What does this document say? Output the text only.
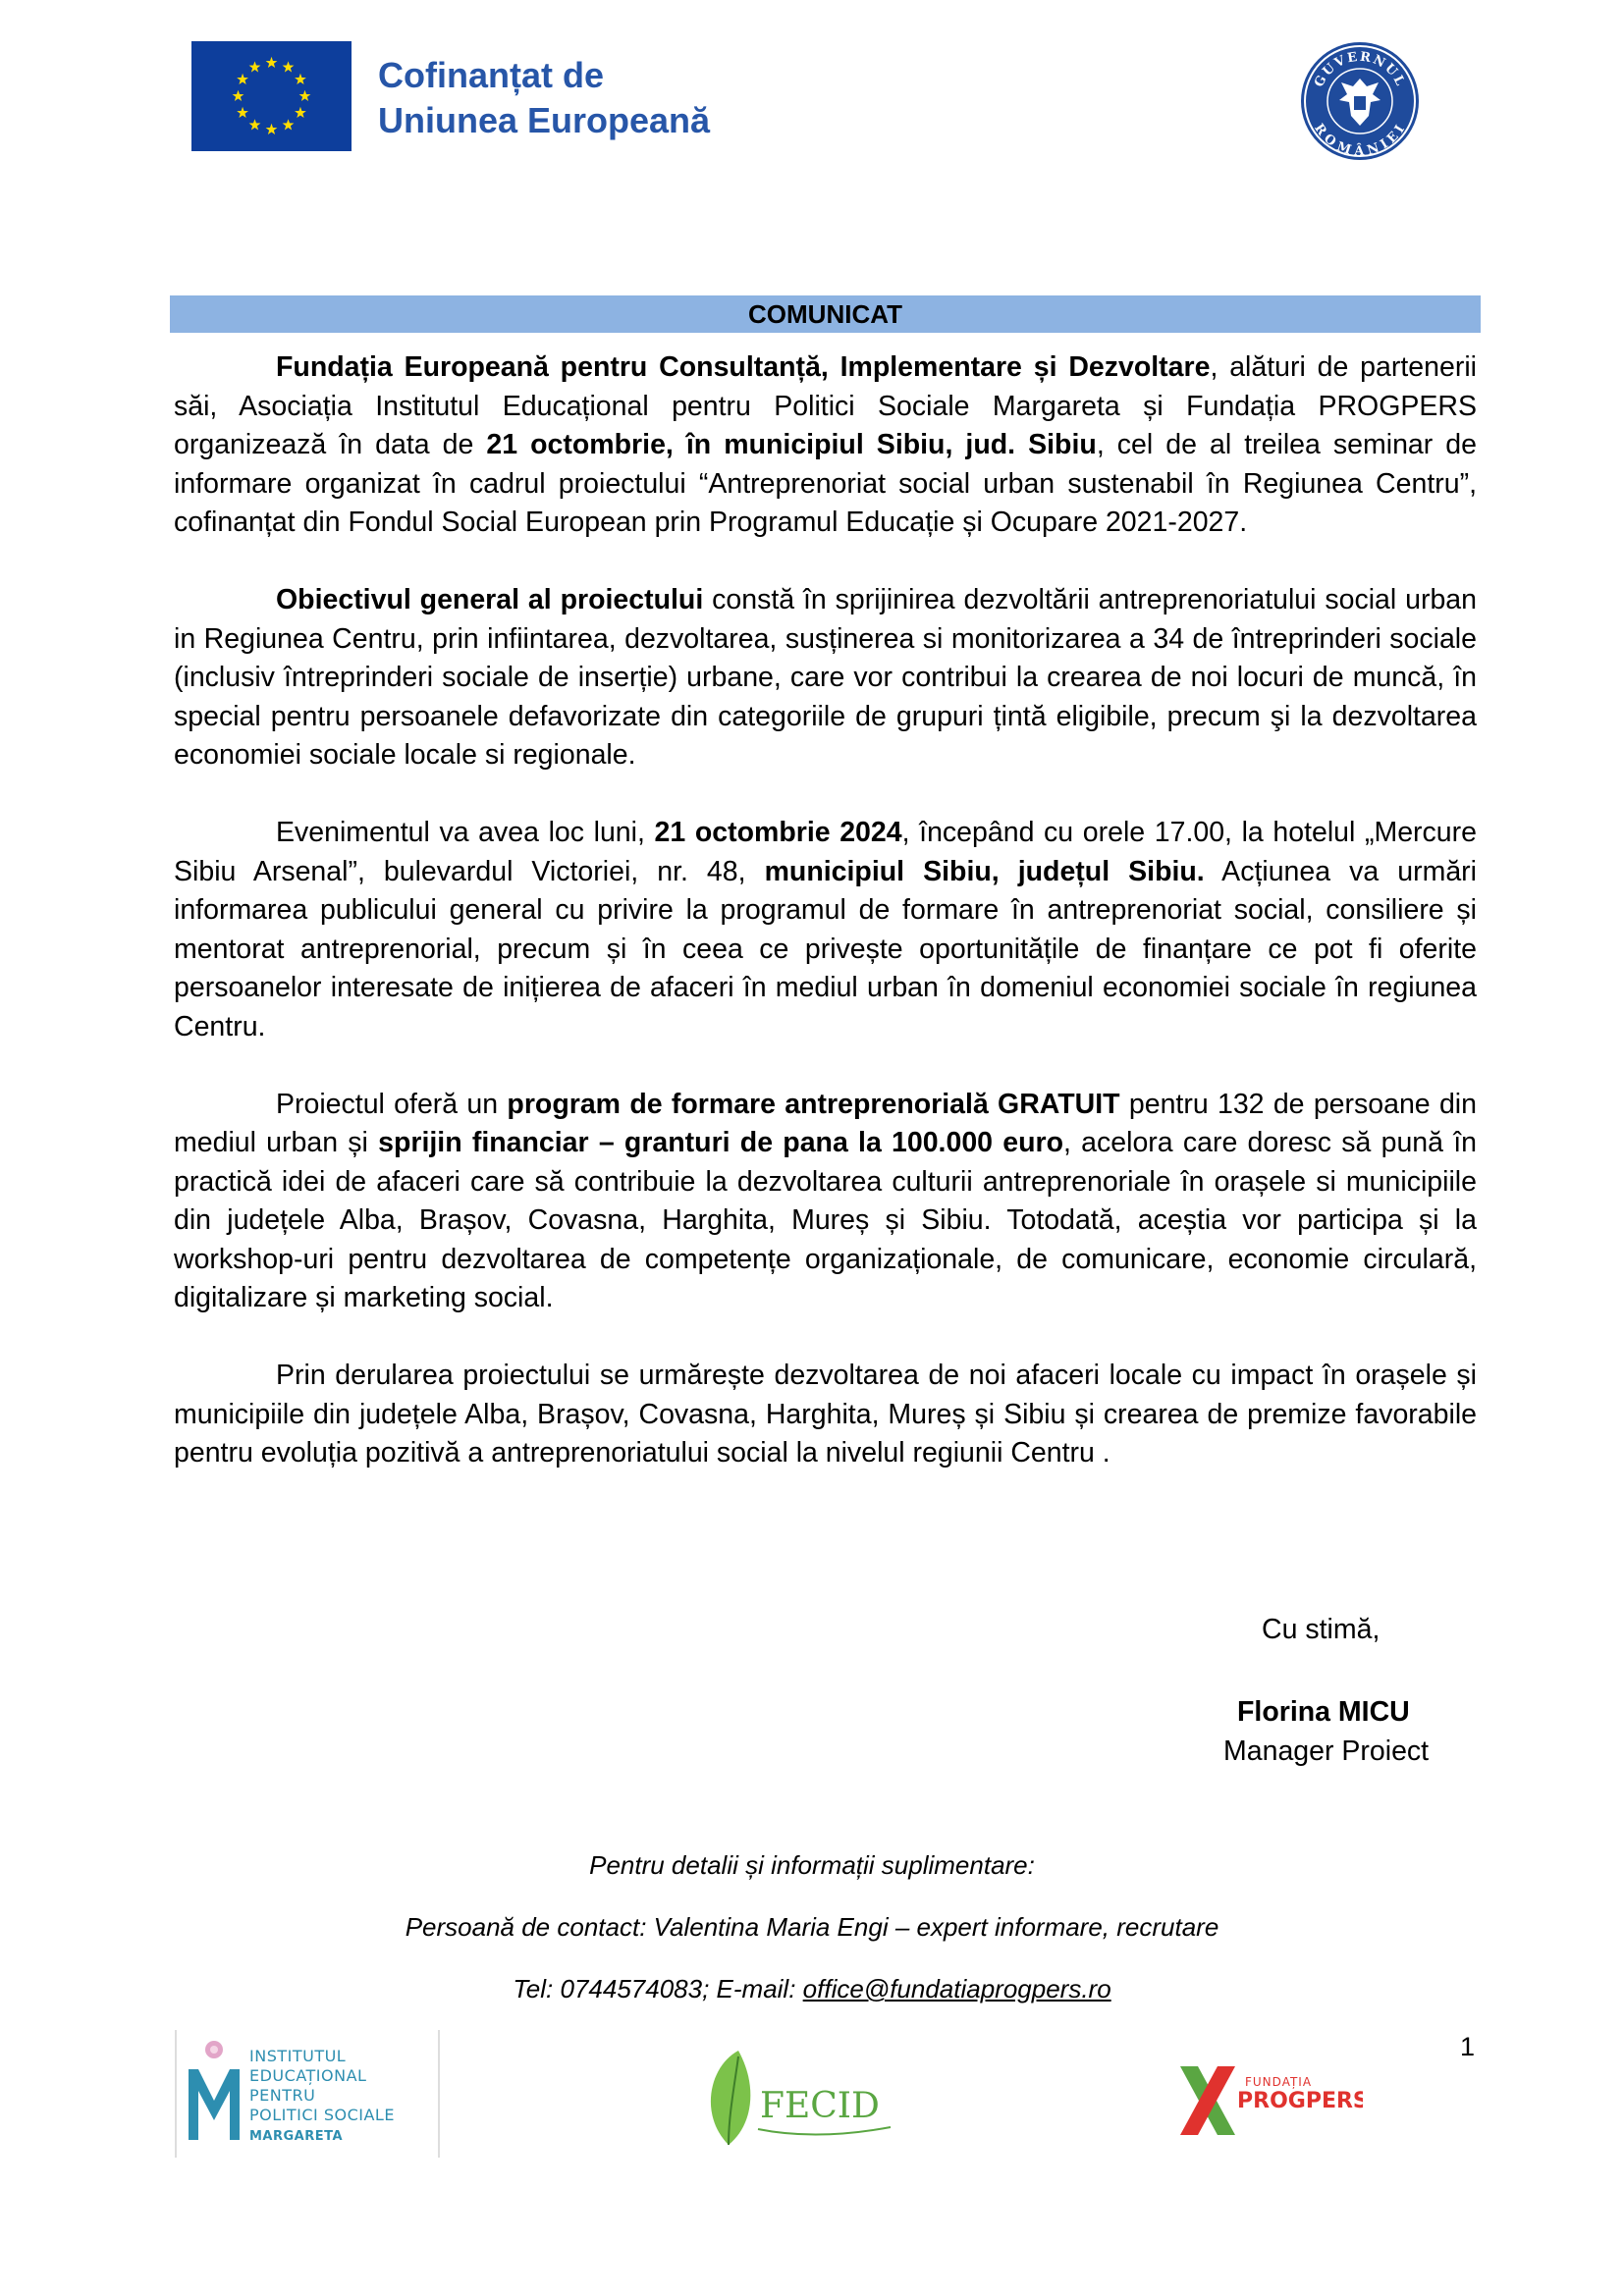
Cofinanțat de
Uniunea Europeană
GUVERNUL
ROMÂNIEI
COMUNICAT

Fundația Europeană pentru Consultanță, Implementare și Dezvoltare, alături de partenerii săi, Asociația Institutul Educațional pentru Politici Sociale Margareta și Fundația PROGPERS organizează în data de 21 octombrie, în municipiul Sibiu, jud. Sibiu, cel de al treilea seminar de informare organizat în cadrul proiectului “Antreprenoriat social urban sustenabil în Regiunea Centru”, cofinanțat din Fondul Social European prin Programul Educație și Ocupare 2021-2027.

Obiectivul general al proiectului constă în sprijinirea dezvoltării antreprenoriatului social urban in Regiunea Centru, prin infiintarea, dezvoltarea, susținerea si monitorizarea a 34 de întreprinderi sociale (inclusiv întreprinderi sociale de inserție) urbane, care vor contribui la crearea de noi locuri de muncă, în special pentru persoanele defavorizate din categoriile de grupuri țintă eligibile, precum şi la dezvoltarea economiei sociale locale si regionale.

Evenimentul va avea loc luni, 21 octombrie 2024, începând cu orele 17.00, la hotelul „Mercure Sibiu Arsenal”, bulevardul Victoriei, nr. 48, municipiul Sibiu, județul Sibiu. Acțiunea va urmări informarea publicului general cu privire la programul de formare în antreprenoriat social, consiliere și mentorat antreprenorial, precum și în ceea ce privește oportunitățile de finanțare ce pot fi oferite persoanelor interesate de inițierea de afaceri în mediul urban în domeniul economiei sociale în regiunea Centru.

Proiectul oferă un program de formare antreprenorială GRATUIT pentru 132 de persoane din mediul urban și sprijin financiar – granturi de pana la 100.000 euro, acelora care doresc să pună în practică idei de afaceri care să contribuie la dezvoltarea culturii antreprenoriale în orașele si municipiile din județele Alba, Brașov, Covasna, Harghita, Mureș și Sibiu. Totodată, aceștia vor participa și la workshop-uri pentru dezvoltarea de competențe organizaționale, de comunicare, economie circulară, digitalizare și marketing social.

Prin derularea proiectului se urmărește dezvoltarea de noi afaceri locale cu impact în orașele și municipiile din județele Alba, Brașov, Covasna, Harghita, Mureș și Sibiu și crearea de premize favorabile pentru evoluția pozitivă a antreprenoriatului social la nivelul regiunii Centru .

Cu stimă,
Florina MICU
Manager Proiect
Pentru detalii și informații suplimentare:
Persoană de contact: Valentina Maria Engi – expert informare, recrutare
Tel: 0744574083; E-mail: office@fundatiaprogpers.ro
1
INSTITUTUL
EDUCAȚIONAL
PENTRU
POLITICI SOCIALE
MARGARETA
FECID
FUNDAȚIA
PROGPERS
